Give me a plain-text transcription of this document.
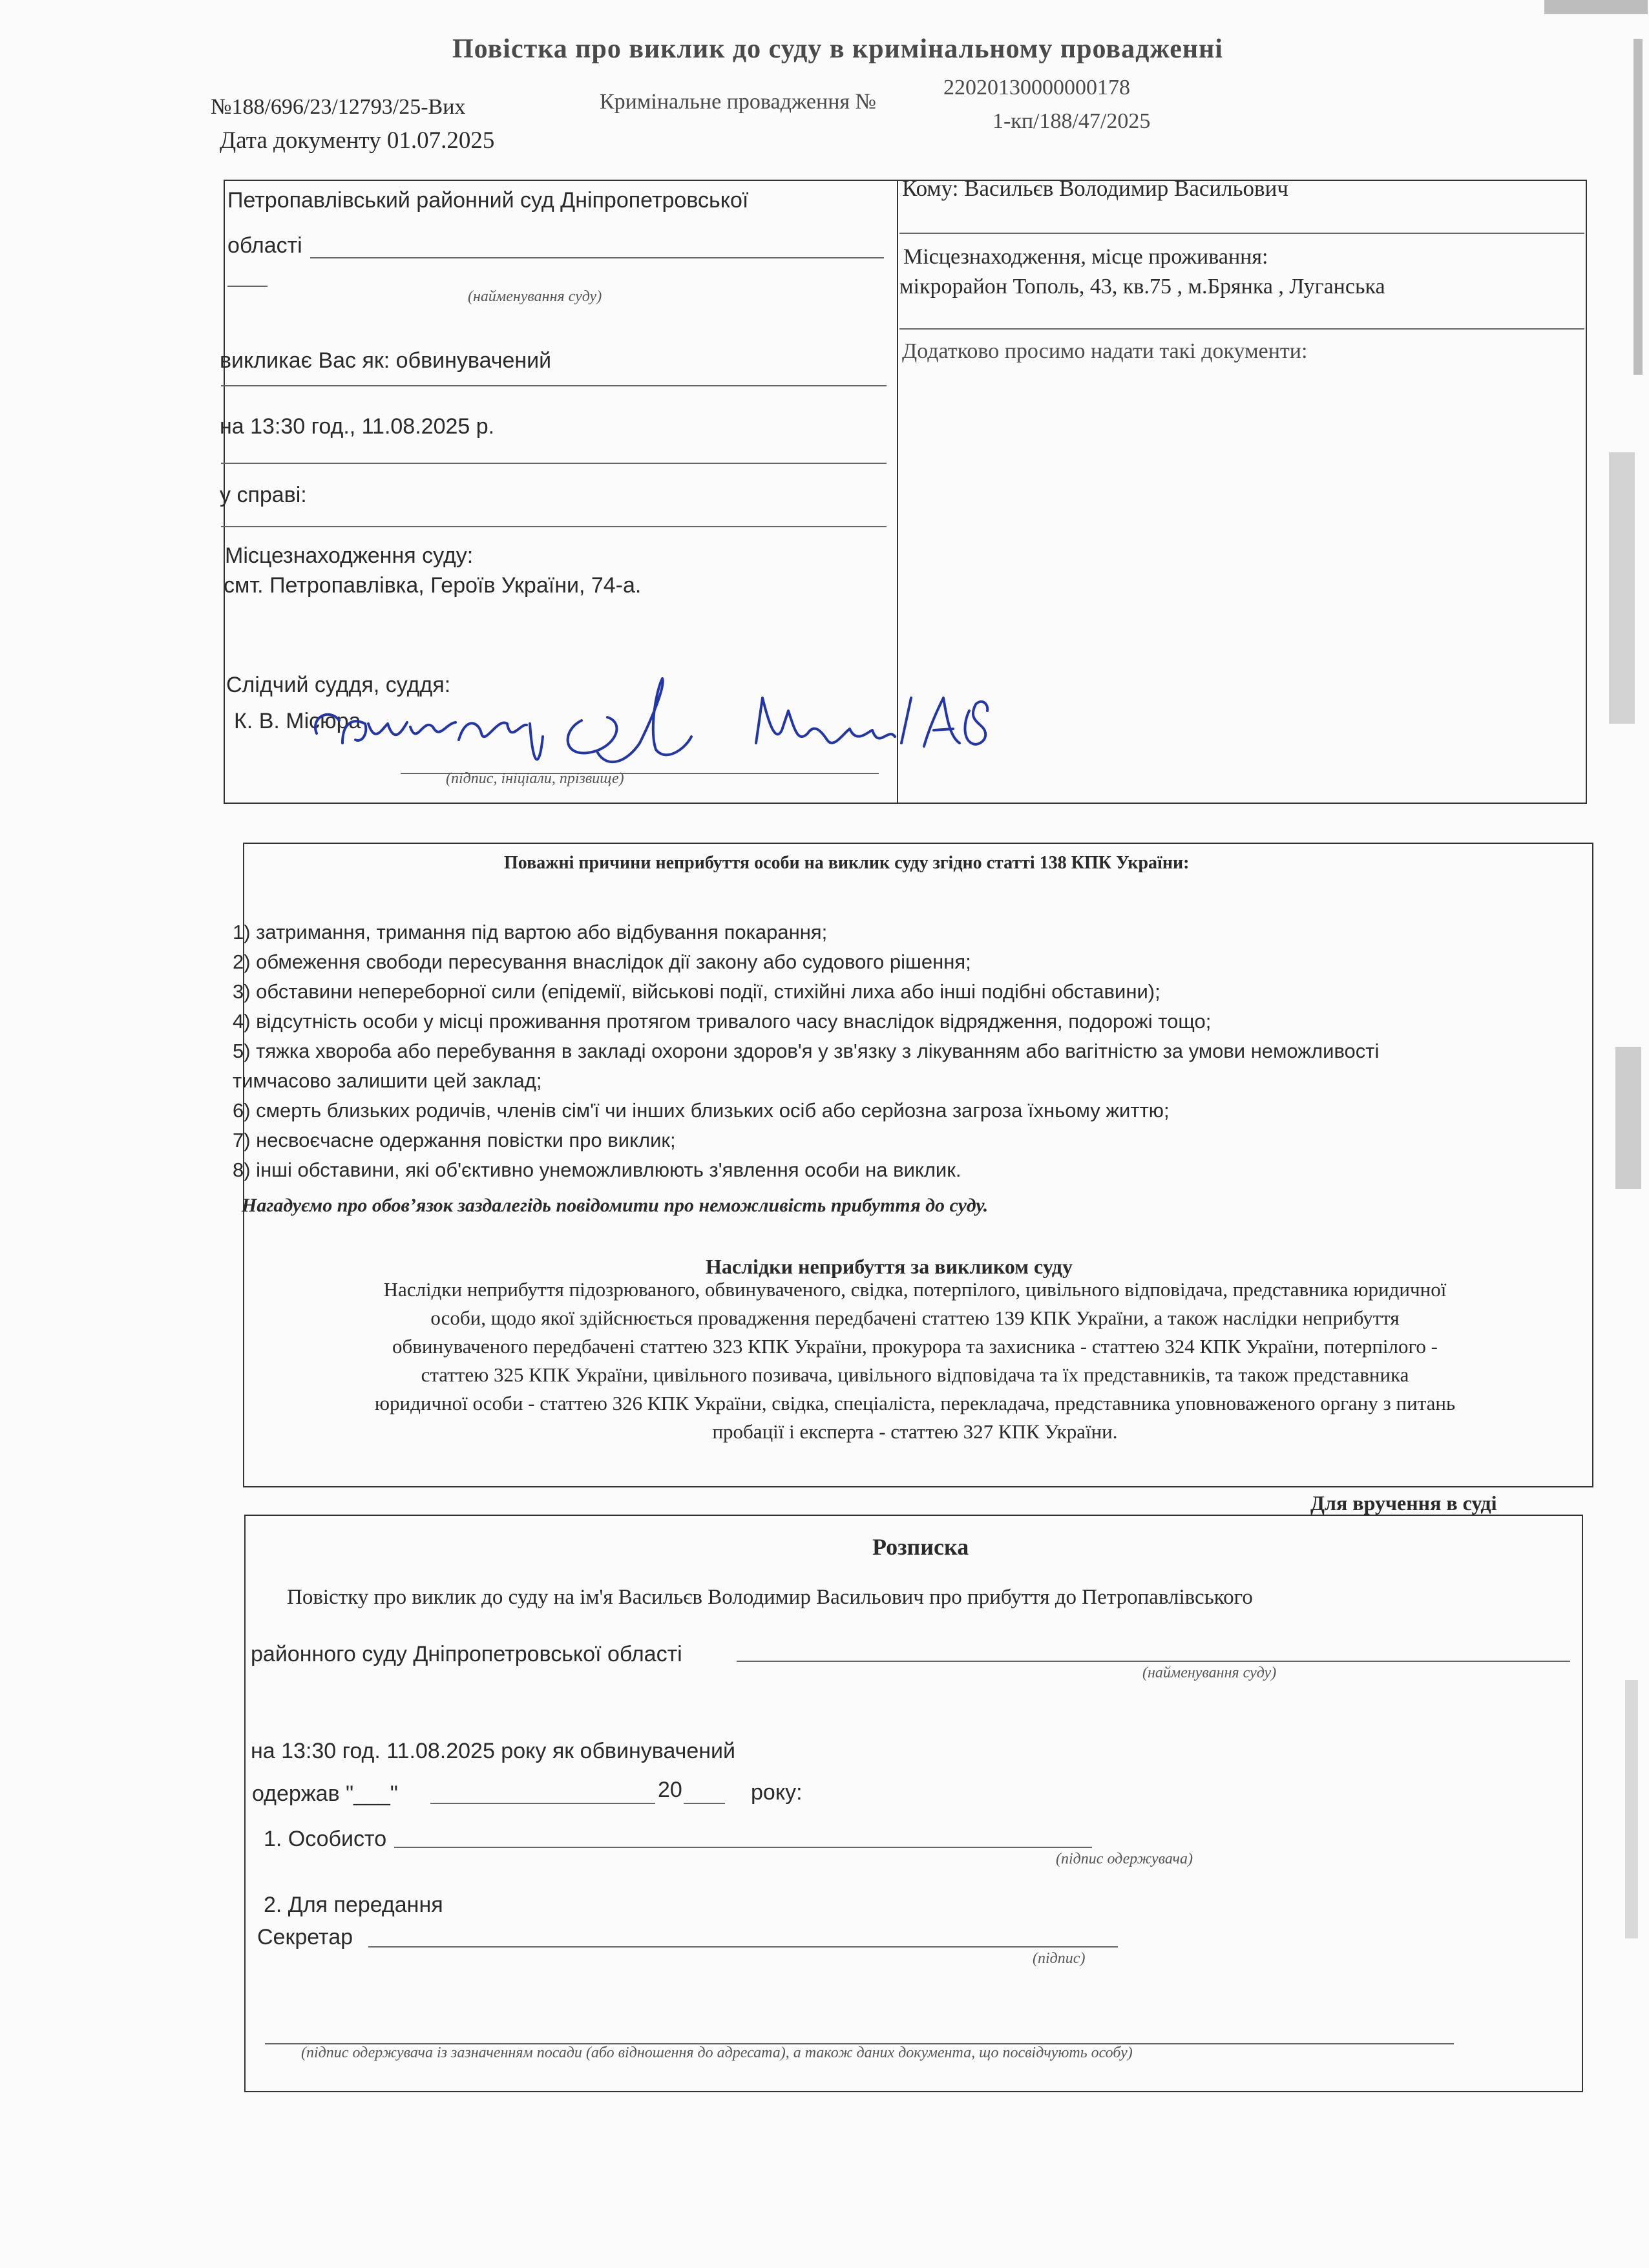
Повістка про виклик до суду в кримінальному провадженні
№188/696/23/12793/25-Вих	Кримінальне провадження №
22020130000000178
Дата документу 01.07.2025
1-кп/188/47/2025
Петропавлівський районний суд Дніпропетровської
області
(найменування суду)
викликає Вас як: обвинувачений
на 13:30 год., 11.08.2025 р.
у справі:
Місцезнаходження суду:
смт. Петропавлівка, Героїв України, 74-а.
Слідчий суддя, суддя:
К. В. Місюра
(підпис, ініціали, прізвище)
Кому: Васильєв Володимир Васильович
Місцезнаходження, місце проживання:
мікрорайон Тополь, 43, кв.75 , м.Брянка , Луганська
Додатково просимо надати такі документи:
Поважні причини неприбуття особи на виклик суду згідно статті 138 КПК України:
1) затримання, тримання під вартою або відбування покарання;
2) обмеження свободи пересування внаслідок дії закону або судового рішення;
3) обставини непереборної сили (епідемії, військові події, стихійні лиха або інші подібні обставини);
4) відсутність особи у місці проживання протягом тривалого часу внаслідок відрядження, подорожі тощо;
5) тяжка хвороба або перебування в закладі охорони здоров'я у зв'язку з лікуванням або вагітністю за умови неможливості
тимчасово залишити цей заклад;
6) смерть близьких родичів, членів сім'ї чи інших близьких осіб або серйозна загроза їхньому життю;
7) несвоєчасне одержання повістки про виклик;
8) інші обставини, які об'єктивно унеможливлюють з'явлення особи на виклик.
Нагадуємо про обов’язок заздалегідь повідомити про неможливість прибуття до суду.
Наслідки неприбуття за викликом суду
Наслідки неприбуття підозрюваного, обвинуваченого, свідка, потерпілого, цивільного відповідача, представника юридичної
особи, щодо якої здійснюється провадження передбачені статтею 139 КПК України, а також наслідки неприбуття
обвинуваченого передбачені статтею 323 КПК України, прокурора та захисника - статтею 324 КПК України, потерпілого -
статтею 325 КПК України, цивільного позивача, цивільного відповідача та їх представників, та також представника
юридичної особи - статтею 326 КПК України, свідка, спеціаліста, перекладача, представника уповноваженого органу з питань
пробації і експерта - статтею 327 КПК України.
Для вручення в суді
Розписка
Повістку про виклик до суду на ім'я Васильєв Володимир Васильович про прибуття до Петропавлівського
районного суду Дніпропетровської області
(найменування суду)
на 13:30 год. 11.08.2025 року як обвинувачений
одержав "___"	20	року:
1. Особисто
(підпис одержувача)
2. Для передання
Секретар
(підпис)
(підпис одержувача із зазначенням посади (або відношення до адресата), а також даних документа, що посвідчують особу)
